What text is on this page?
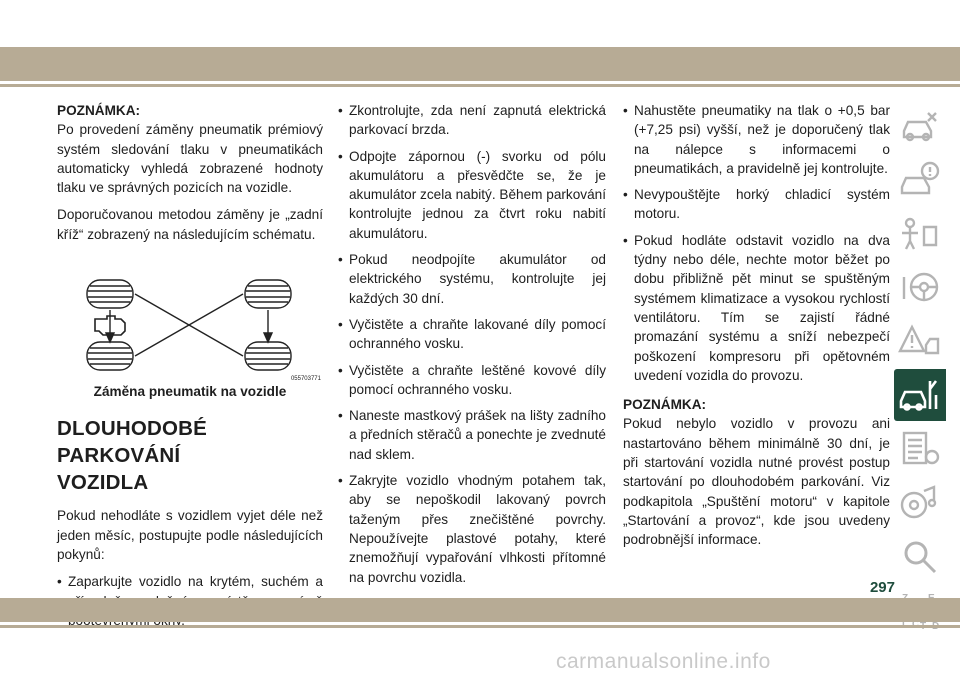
POZNÁMKA:

Po provedení záměny pneumatik prémiový systém sledování tlaku v pneumatikách automaticky vyhledá zobrazené hodnoty tlaku ve správných pozicích na vozidle.

Doporučovanou metodou záměny je „zadní kříž“ zobrazený na následujícím schématu.

055703771
Záměna pneumatik na vozidle
DLOUHODOBÉ PARKOVÁNÍ
VOZIDLA

Pokud nehodláte s vozidlem vyjet déle než jeden měsíc, postupujte podle následujících pokynů:

• Zaparkujte vozidlo na krytém, suchém a
• Zkontrolujte, zda není zapnutá elektrická parkovací brzda.
• Odpojte zápornou (-) svorku od pólu akumulátoru a přesvědčte se, že je akumulátor zcela nabitý. Během parkování kontrolujte jednou za čtvrt roku nabití akumulátoru.
• Pokud neodpojíte akumulátor od elektrického systému, kontrolujte jej každých 30 dní.
• Vyčistěte a chraňte lakované díly pomocí ochranného vosku.
• Vyčistěte a chraňte leštěné kovové díly pomocí ochranného vosku.
• Naneste mastkový prášek na lišty zadního a předních stěračů a ponechte je zvednuté nad sklem.
• Zakryjte vozidlo vhodným potahem tak, aby se nepoškodil lakovaný povrch taženým přes znečištěné povrchy. Nepoužívejte plastové potahy, které znemožňují vypařování vlhkosti přítomné na povrchu vozidla.
• Nahustěte pneumatiky na tlak o +0,5 bar (+7,25 psi) vyšší, než je doporučený tlak na nálepce s informacemi o pneumatikách, a pravidelně jej kontrolujte.
• Nevypouštějte horký chladicí systém motoru.
• Pokud hodláte odstavit vozidlo na dva týdny nebo déle, nechte motor běžet po dobu přibližně pět minut se spuštěným systémem klimatizace a vysokou rychlostí ventilátoru. Tím se zajistí řádné promazání systému a sníží nebezpečí poškození kompresoru při opětovném uvedení vozidla do provozu.
POZNÁMKA:

Pokud nebylo vozidlo v provozu ani nastartováno během minimálně 30 dní, je při startování vozidla nutné provést postup startování po dlouhodobém parkování. Viz podkapitola „Spuštění motoru“ v kapitole „Startování a provoz“, kde jsou uvedeny podrobnější informace.

297
carmanualsonline.info
